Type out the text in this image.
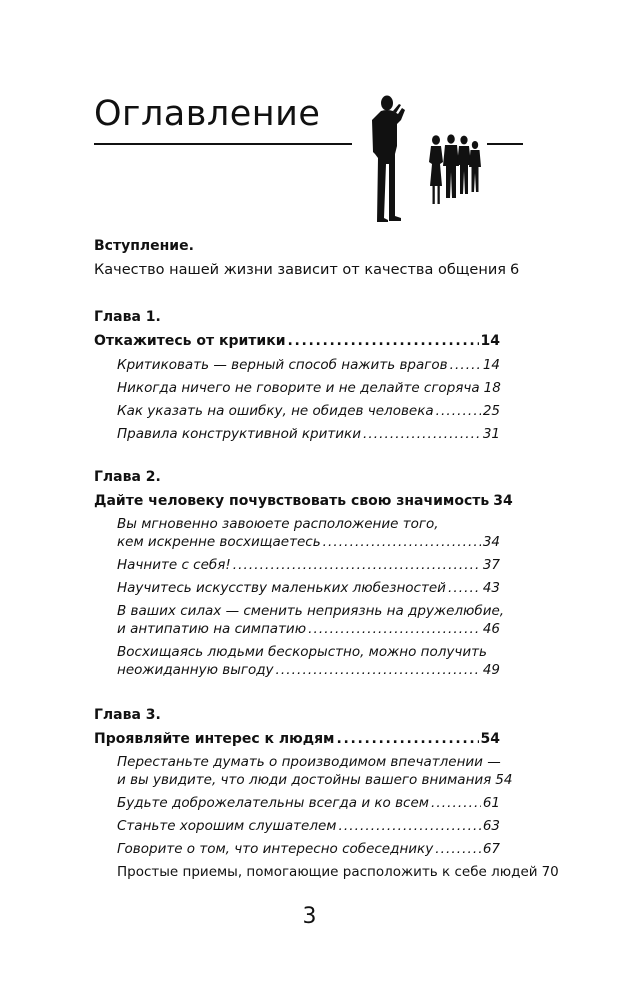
Оглавление
Вступление.
Качество нашей жизни зависит от качества общения 6
Глава 1.
Откажитесь от критики . . .	14
Критиковать — верный способ нажить врагов . . .	14
Никогда ничего не говорите и не делайте сгоряча 18
Как указать на ошибку, не обидев человека . . .	25
Правила конструктивной критики . . .	31
Глава 2.
Дайте человеку почувствовать свою значимость 34
Вы мгновенно завоюете расположение того,
кем искренне восхищаетесь . . .	34
Начните с себя! . . .	37
Научитесь искусству маленьких любезностей . . .	43
В ваших силах — сменить неприязнь на дружелюбие,
и антипатию на симпатию . . .	46
Восхищаясь людьми бескорыстно, можно получить
неожиданную выгоду . . .	49
Глава 3.
Проявляйте интерес к людям . . .	54
Перестаньте думать о производимом впечатлении —
и вы увидите, что люди достойны вашего внимания 54
Будьте доброжелательны всегда и ко всем . . .	61
Станьте хорошим слушателем . . .	63
Говорите о том, что интересно собеседнику . . .	67
Простые приемы, помогающие расположить к себе людей 70
3
